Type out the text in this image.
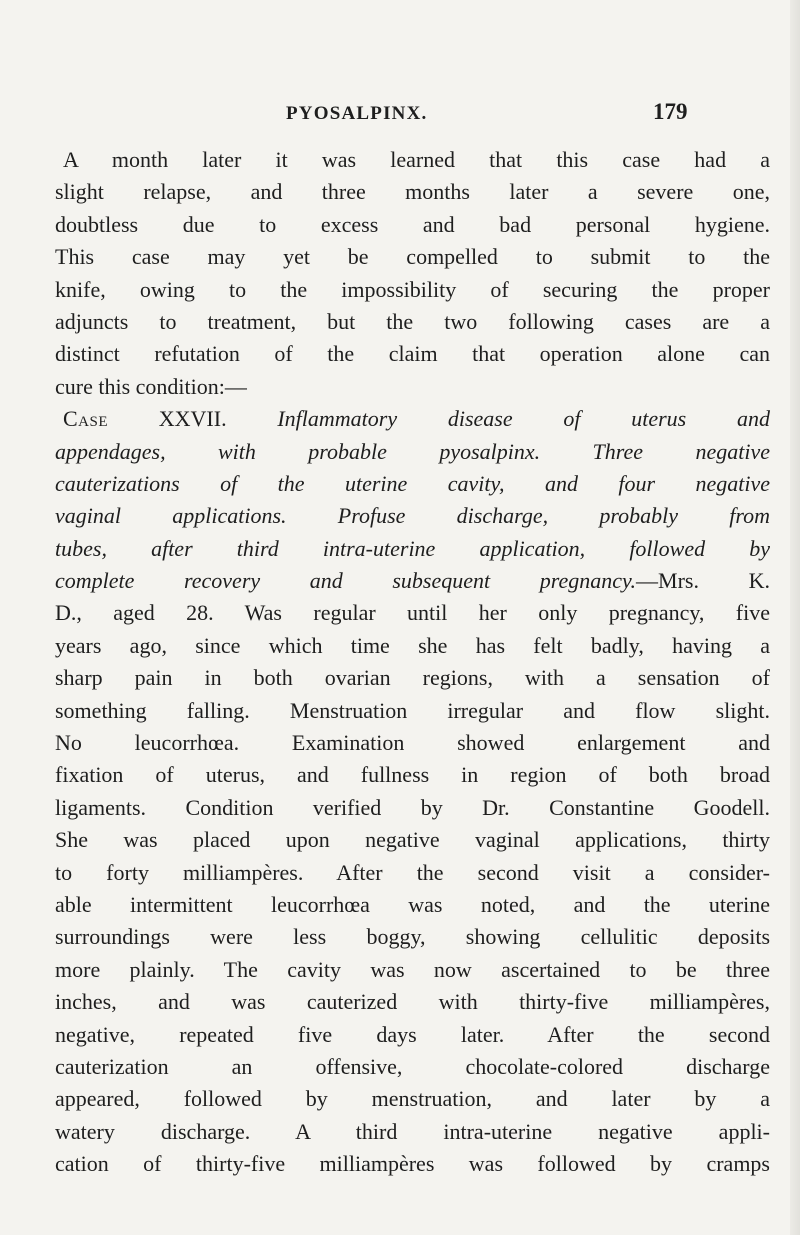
PYOSALPINX.	179
A month later it was learned that this case had a
slight relapse, and three months later a severe one,
doubtless due to excess and bad personal hygiene.
This case may yet be compelled to submit to the
knife, owing to the impossibility of securing the proper
adjuncts to treatment, but the two following cases are a
distinct refutation of the claim that operation alone can
cure this condition:—
Case XXVII. Inflammatory disease of uterus and
appendages, with probable pyosalpinx. Three negative
cauterizations of the uterine cavity, and four negative
vaginal applications. Profuse discharge, probably from
tubes, after third intra-uterine application, followed by
complete recovery and subsequent pregnancy.—Mrs. K.
D., aged 28. Was regular until her only pregnancy, five
years ago, since which time she has felt badly, having a
sharp pain in both ovarian regions, with a sensation of
something falling. Menstruation irregular and flow slight.
No leucorrhœa. Examination showed enlargement and
fixation of uterus, and fullness in region of both broad
ligaments. Condition verified by Dr. Constantine Goodell.
She was placed upon negative vaginal applications, thirty
to forty milliampères. After the second visit a consider-
able intermittent leucorrhœa was noted, and the uterine
surroundings were less boggy, showing cellulitic deposits
more plainly. The cavity was now ascertained to be three
inches, and was cauterized with thirty-five milliampères,
negative, repeated five days later. After the second
cauterization an offensive, chocolate-colored discharge
appeared, followed by menstruation, and later by a
watery discharge. A third intra-uterine negative appli-
cation of thirty-five milliampères was followed by cramps
